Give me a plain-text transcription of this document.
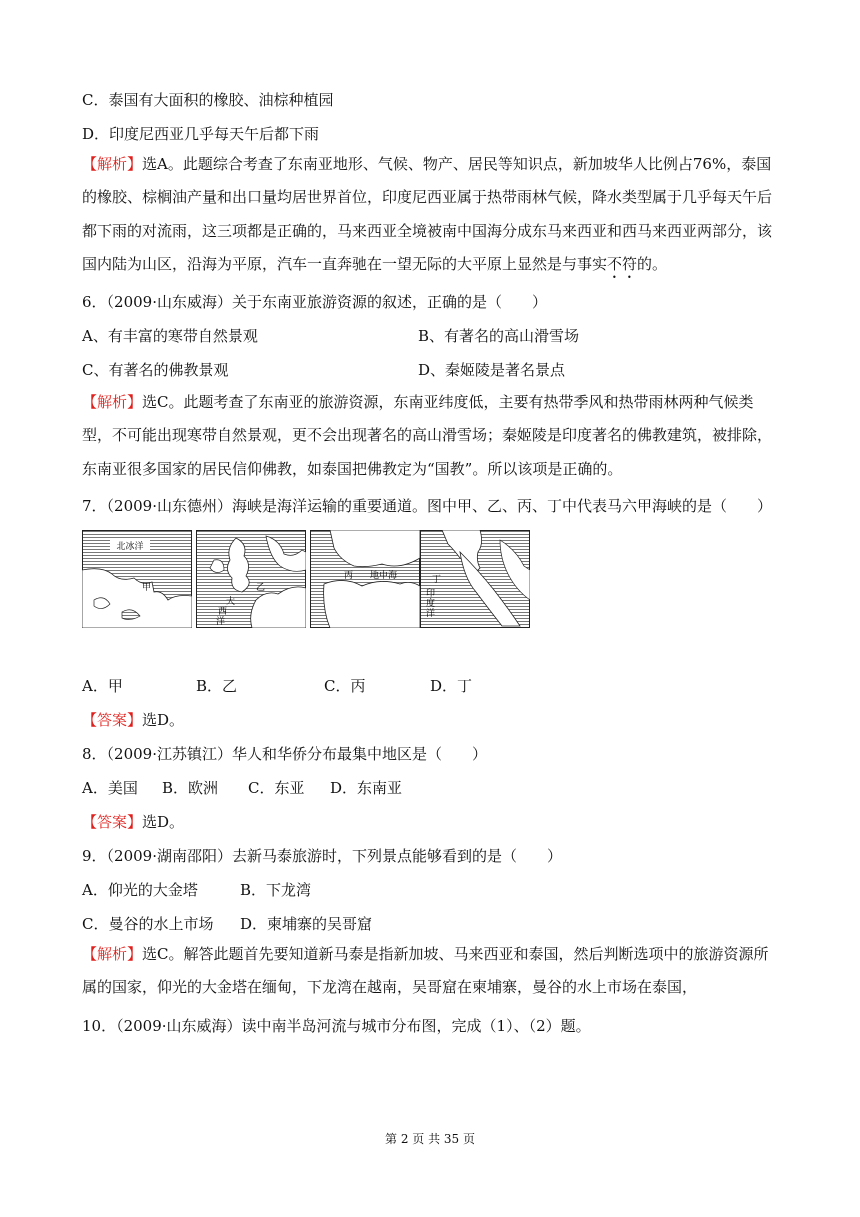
C．泰国有大面积的橡胶、油棕种植园
D．印度尼西亚几乎每天午后都下雨
【解析】选A。此题综合考查了东南亚地形、气候、物产、居民等知识点，新加坡华人比例占76%，泰国的橡胶、棕榈油产量和出口量均居世界首位，印度尼西亚属于热带雨林气候，降水类型属于几乎每天午后都下雨的对流雨，这三项都是正确的，马来西亚全境被南中国海分成东马来西亚和西马来西亚两部分，该国内陆为山区，沿海为平原，汽车一直奔驰在一望无际的大平原上显然是与事实不符的。
6．（2009·山东威海）关于东南亚旅游资源的叙述，正确的是（　　）
A、有丰富的寒带自然景观	B、有著名的高山滑雪场
C、有著名的佛教景观	D、秦姬陵是著名景点
【解析】选C。此题考查了东南亚的旅游资源，东南亚纬度低，主要有热带季风和热带雨林两种气候类型，不可能出现寒带自然景观，更不会出现著名的高山滑雪场；秦姬陵是印度著名的佛教建筑，被排除，东南亚很多国家的居民信仰佛教，如泰国把佛教定为“国教”。所以该项是正确的。
7．（2009·山东德州）海峡是海洋运输的重要通道。图中甲、乙、丙、丁中代表马六甲海峡的是（　　）
北冰洋
甲
大
西
洋
乙
丙 地中海	丁
印
度
洋
A．甲	B．乙	C．丙	D．丁
【答案】选D。
8．（2009·江苏镇江）华人和华侨分布最集中地区是（　　）
A．美国 B．欧洲 C．东亚 D．东南亚
【答案】选D。
9．（2009·湖南邵阳）去新马泰旅游时，下列景点能够看到的是（　　）
A．仰光的大金塔	B．下龙湾
C．曼谷的水上市场 D．柬埔寨的吴哥窟
【解析】选C。解答此题首先要知道新马泰是指新加坡、马来西亚和泰国，然后判断选项中的旅游资源所属的国家，仰光的大金塔在缅甸，下龙湾在越南，吴哥窟在柬埔寨，曼谷的水上市场在泰国，
10．（2009·山东威海）读中南半岛河流与城市分布图，完成（1）、（2）题。
第 2 页 共 35 页
